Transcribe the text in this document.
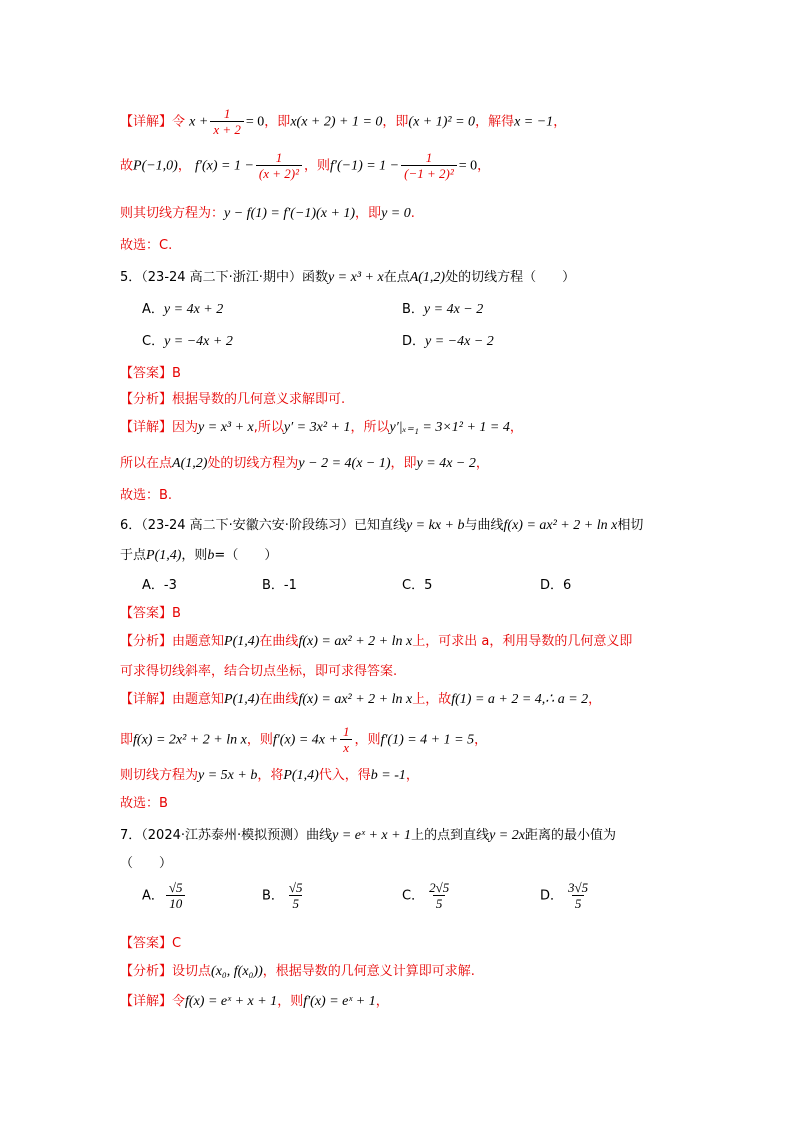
【详解】令 $x + \frac{1}{x + 2} = 0$，即x(x + 2) + 1 = 0，即(x + 1)² = 0，解得x = −1，
故P(−1,0)， $f'(x) = 1 - \frac{1}{\text{(x + 2)²}}$ ，则$f'(-1) = 1 - \frac{1}{\text{(−1 + 2)²}} = 0$，
则其切线方程为：y − f(1) = f′(−1)(x + 1)，即y = 0.
故选：C.
5．（23-24 高二下·浙江·期中）函数y = x³ + x在点A(1,2)处的切线方程（　　）
A．y = 4x + 2	B．y = 4x − 2
C．y = −4x + 2	D．y = −4x − 2
【答案】B
【分析】根据导数的几何意义求解即可.
【详解】因为y = x³ + x,所以y′ = 3x² + 1，所以y′|ₓ₌₁ = 3×1² + 1 = 4，
所以在点A(1,2)处的切线方程为y − 2 = 4(x − 1)，即y = 4x − 2，
故选：B.
6．（23-24 高二下·安徽六安·阶段练习）已知直线y = kx + b与曲线f(x) = ax² + 2 + ln x相切
于点P(1,4)，则b=（　　）
A．-3	B．-1	C．5	D．6
【答案】B
【分析】由题意知P(1,4)在曲线f(x) = ax² + 2 + ln x上，可求出 a，利用导数的几何意义即
可求得切线斜率，结合切点坐标，即可求得答案.
【详解】由题意知P(1,4)在曲线f(x) = ax² + 2 + ln x上，故f(1) = a + 2 = 4,∴ a = 2，
即f(x) = 2x² + 2 + ln x，则$f'(x) = 4x + \frac{1}{x}$ ，则f′(1) = 4 + 1 = 5，
则切线方程为y = 5x + b，将P(1,4)代入，得b = -1，
故选：B
7．（2024·江苏泰州·模拟预测）曲线y = eˣ + x + 1上的点到直线y = 2x距离的最小值为
（　　）
A． $\frac{√5}{10}$	B． $\frac{√5}{5}$	C． $\frac{2√5}{5}$	D． $\frac{3√5}{5}$
【答案】C
【分析】设切点(x₀, f(x₀))，根据导数的几何意义计算即可求解.
【详解】令f(x) = eˣ + x + 1，则f′(x) = eˣ + 1，
